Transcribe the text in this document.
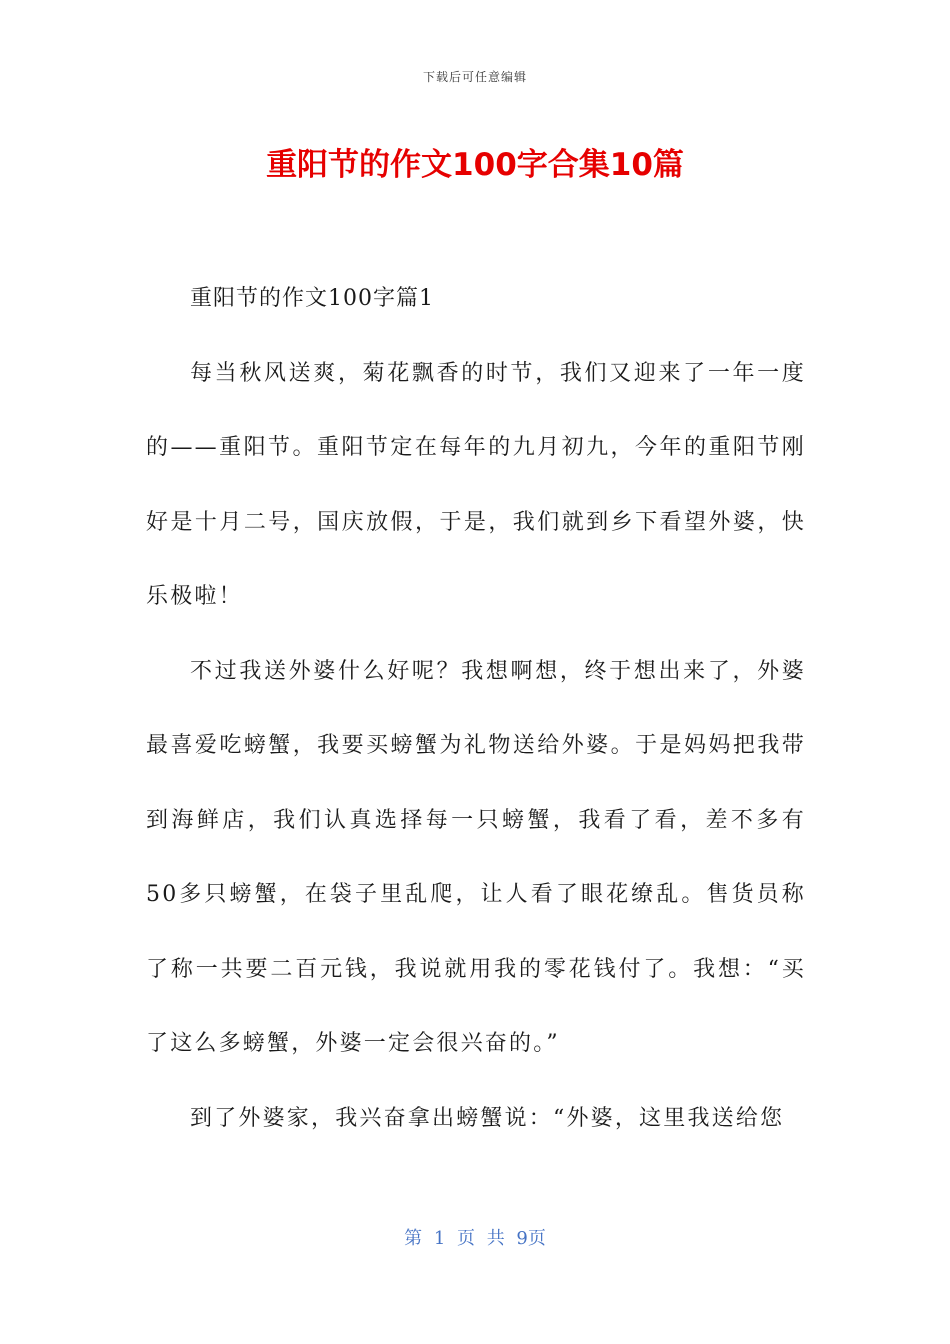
下载后可任意编辑
重阳节的作文100字合集10篇

重阳节的作文100字篇1

每当秋风送爽，菊花飘香的时节，我们又迎来了一年一度的——重阳节。重阳节定在每年的九月初九，今年的重阳节刚好是十月二号，国庆放假，于是，我们就到乡下看望外婆，快乐极啦！

不过我送外婆什么好呢？我想啊想，终于想出来了，外婆最喜爱吃螃蟹，我要买螃蟹为礼物送给外婆。于是妈妈把我带到海鲜店，我们认真选择每一只螃蟹，我看了看，差不多有50多只螃蟹，在袋子里乱爬，让人看了眼花缭乱。售货员称了称一共要二百元钱，我说就用我的零花钱付了。我想：“买了这么多螃蟹，外婆一定会很兴奋的。”

到了外婆家，我兴奋拿出螃蟹说：“外婆，这里我送给您

第 1 页 共 9页
